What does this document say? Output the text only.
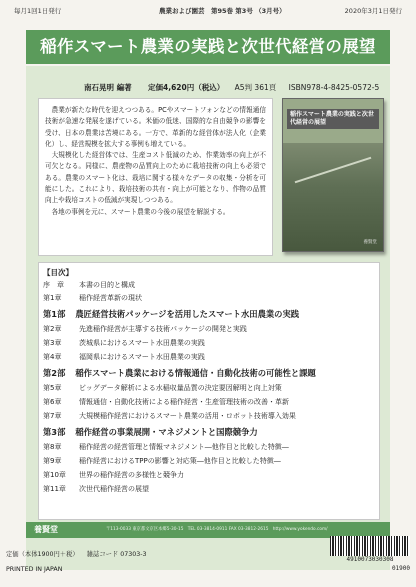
毎月1回1日発行	農業および園芸　 第95巻 第3号 （3月号）	2020年3月1日発行
稲作スマート農業の実践と次世代経営の展望
南石晃明 編著 定価4,620円（税込） A5判 361頁 ISBN978-4-8425-0572-5

農業が新たな時代を迎えつつある。PCやスマートフォンなどの情報通信技術が急速な発展を遂げている。米価の低迷、国際的な自由競争の影響を受け、日本の農業は苦境にある。一方で、革新的な経営体が法人化（企業化）し、経営規模を拡大する事例も増えている。

大規模化した経営体では、生産コスト低減のため、作業効率の向上が不可欠となる。同様に、農産物の品質向上のために栽培技術の向上も必須である。農業のスマート化は、栽培に関する様々なデータの収集・分析を可能にした。これにより、栽培技術の共有・向上が可能となり、作物の品質向上や栽培コストの低減が実現しつつある。

各地の事例を元に、スマート農業の今後の展望を解説する。

稲作スマート農業の実践と次世代経営の展望
養賢堂
【目次】
序　章 本書の目的と構成
第1章	稲作経営革新の現状
第1部 農匠経営技術パッケージを活用したスマート水田農業の実践
第2章	先進稲作経営が主導する技術パッケージの開発と実践
第3章	茨城県におけるスマート水田農業の実践
第4章	福岡県におけるスマート水田農業の実践
第2部 稲作スマート農業における情報通信・自動化技術の可能性と課題
第5章	ビッグデータ解析による水稲収量品質の決定要因解明と向上対策
第6章	情報通信・自動化技術による稲作経営・生産管理技術の改善・革新
第7章	大規模稲作経営におけるスマート農業の活用・ロボット技術導入効果
第3部 稲作経営の事業展開・マネジメントと国際競争力
第8章	稲作経営の経営管理と情報マネジメント―他作目と比較した特徴―
第9章	稲作経営におけるTPPの影響と対応策―他作目と比較した特徴―
第10章 世界の稲作経営の多様性と競争力
第11章 次世代稲作経営の展望
養賢堂	〒113-0033 東京都文京区本郷5-30-15　TEL 03-3814-0911 FAX 03-3812-2615　http://www.yokendo.com/
定価（本体1900円＋税） 雑誌コード 07303-3
PRINTED IN JAPAN
4910073030308
01900
